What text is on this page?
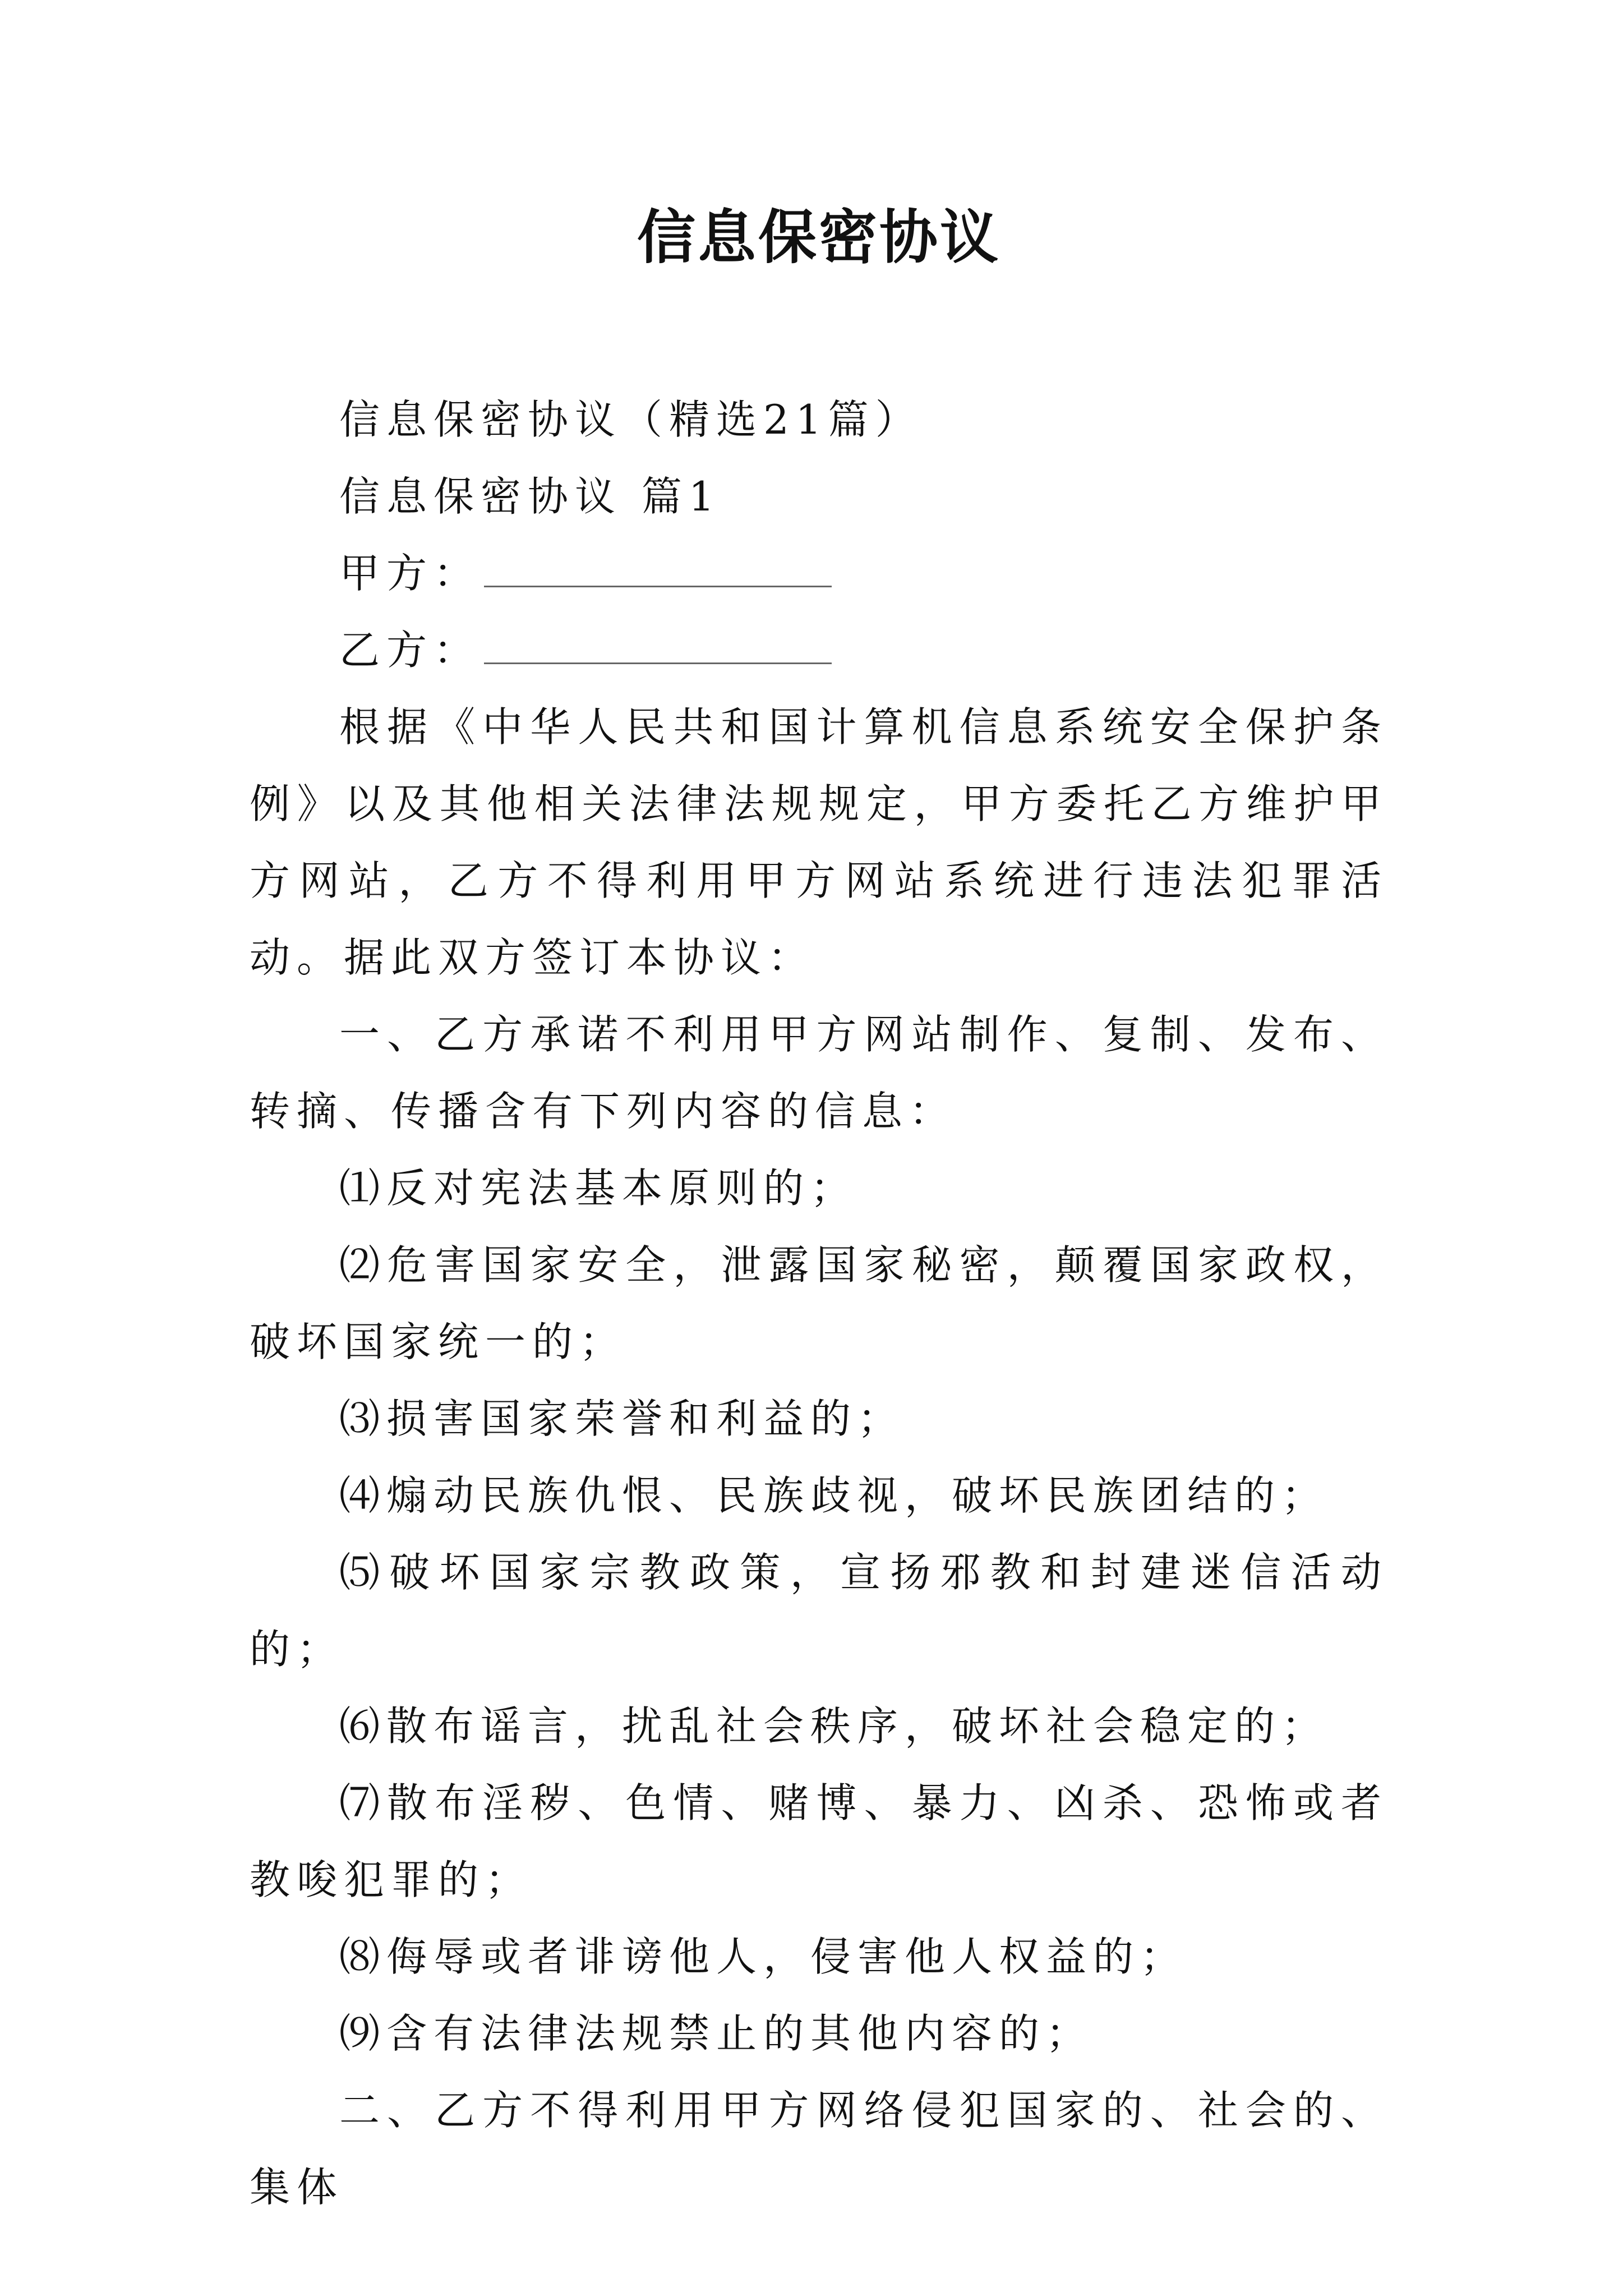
信息保密协议

信息保密协议（精选21篇）

信息保密协议 篇1

甲方：

乙方：

根据《中华人民共和国计算机信息系统安全保护条例》以及其他相关法律法规规定，甲方委托乙方维护甲方网站，乙方不得利用甲方网站系统进行违法犯罪活动。据此双方签订本协议：

一、乙方承诺不利用甲方网站制作、复制、发布、转摘、传播含有下列内容的信息：

⑴反对宪法基本原则的；

⑵危害国家安全，泄露国家秘密，颠覆国家政权，破坏国家统一的；

⑶损害国家荣誉和利益的；

⑷煽动民族仇恨、民族歧视，破坏民族团结的；

⑸破坏国家宗教政策，宣扬邪教和封建迷信活动的；

⑹散布谣言，扰乱社会秩序，破坏社会稳定的；

⑺散布淫秽、色情、赌博、暴力、凶杀、恐怖或者教唆犯罪的；

⑻侮辱或者诽谤他人，侵害他人权益的；

⑼含有法律法规禁止的其他内容的；

二、乙方不得利用甲方网络侵犯国家的、社会的、集体
